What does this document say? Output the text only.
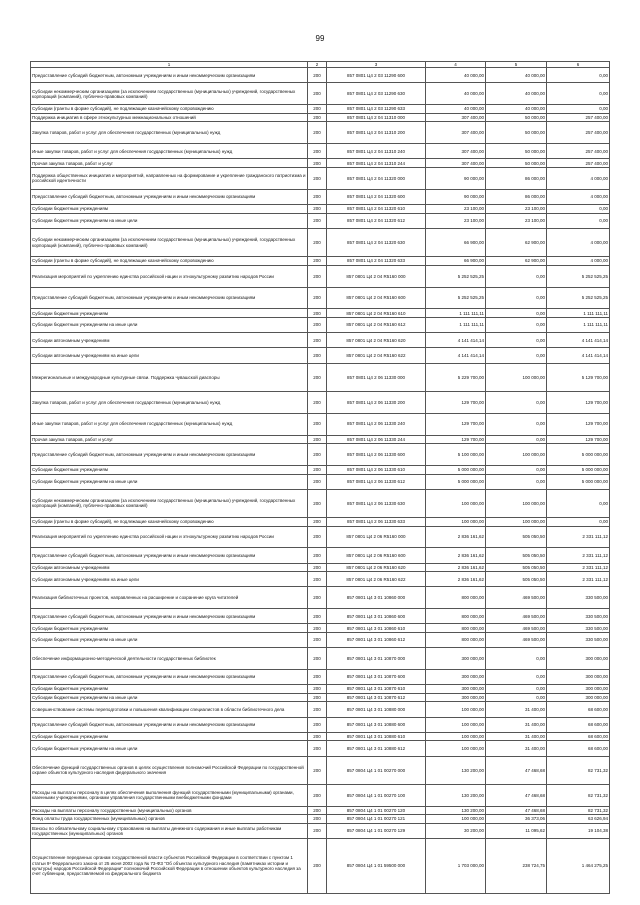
99
1	2	3	4	5	6
Предоставление субсидий бюджетным, автономным учреждениям и иным некоммерческим организациям	200	857 0801 Ц4 2 03 11290 600	40 000,00	40 000,00	0,00
Субсидии некоммерческим организациям (за исключением государственных (муниципальных) учреждений, государственных корпораций (компаний), публично-правовых компаний)	200	857 0801 Ц4 2 03 11290 630	40 000,00	40 000,00	0,00
Субсидии (гранты в форме субсидий), не подлежащие казначейскому сопровождению	200	857 0801 Ц4 2 03 11290 633	40 000,00	40 000,00	0,00
Поддержка инициатив в сфере этнокультурных межнациональных отношений	200	857 0801 Ц4 2 04 11310 000	307 400,00	50 000,00	257 400,00
Закупка товаров, работ и услуг для обеспечения государственных (муниципальных) нужд	200	857 0801 Ц4 2 04 11310 200	307 400,00	50 000,00	257 400,00
Иные закупки товаров, работ и услуг для обеспечения государственных (муниципальных) нужд	200	857 0801 Ц4 2 04 11310 240	307 400,00	50 000,00	257 400,00
Прочая закупка товаров, работ и услуг	200	857 0801 Ц4 2 04 11310 244	307 400,00	50 000,00	257 400,00
Поддержка общественных инициатив и мероприятий, направленных на формирование и укрепление гражданского патриотизма и российской идентичности	200	857 0801 Ц4 2 04 11320 000	90 000,00	86 000,00	4 000,00
Предоставление субсидий бюджетным, автономным учреждениям и иным некоммерческим организациям	200	857 0801 Ц4 2 04 11320 600	90 000,00	86 000,00	4 000,00
Субсидии бюджетным учреждениям	200	857 0801 Ц4 2 04 11320 610	23 100,00	23 100,00	0,00
Субсидии бюджетным учреждениям на иные цели	200	857 0801 Ц4 2 04 11320 612	23 100,00	23 100,00	0,00
Субсидии некоммерческим организациям (за исключением государственных (муниципальных) учреждений, государственных корпораций (компаний), публично-правовых компаний)	200	857 0801 Ц4 2 04 11320 630	66 900,00	62 900,00	4 000,00
Субсидии (гранты в форме субсидий), не подлежащие казначейскому сопровождению	200	857 0801 Ц4 2 04 11320 633	66 900,00	62 900,00	4 000,00
Реализация мероприятий по укреплению единства российской нации и этнокультурному развитию народов России	200	857 0801 Ц4 2 04 R5160 000	5 252 525,25	0,00	5 252 525,25
Предоставление субсидий бюджетным, автономным учреждениям и иным некоммерческим организациям	200	857 0801 Ц4 2 04 R5160 600	5 252 525,25	0,00	5 252 525,25
Субсидии бюджетным учреждениям	200	857 0801 Ц4 2 04 R5160 610	1 111 111,11	0,00	1 111 111,11
Субсидии бюджетным учреждениям на иные цели	200	857 0801 Ц4 2 04 R5160 612	1 111 111,11	0,00	1 111 111,11
Субсидии автономным учреждениям	200	857 0801 Ц4 2 04 R5160 620	4 141 414,14	0,00	4 141 414,14
Субсидии автономным учреждениям на иные цели	200	857 0801 Ц4 2 04 R5160 622	4 141 414,14	0,00	4 141 414,14
Межрегиональные и международные культурные связи. Поддержка чувашской диаспоры	200	857 0801 Ц4 2 06 11330 000	5 229 700,00	100 000,00	5 129 700,00
Закупка товаров, работ и услуг для обеспечения государственных (муниципальных) нужд	200	857 0801 Ц4 2 06 11330 200	129 700,00	0,00	129 700,00
Иные закупки товаров, работ и услуг для обеспечения государственных (муниципальных) нужд	200	857 0801 Ц4 2 06 11330 240	129 700,00	0,00	129 700,00
Прочая закупка товаров, работ и услуг	200	857 0801 Ц4 2 06 11330 244	129 700,00	0,00	129 700,00
Предоставление субсидий бюджетным, автономным учреждениям и иным некоммерческим организациям	200	857 0801 Ц4 2 06 11330 600	5 100 000,00	100 000,00	5 000 000,00
Субсидии бюджетным учреждениям	200	857 0801 Ц4 2 06 11330 610	5 000 000,00	0,00	5 000 000,00
Субсидии бюджетным учреждениям на иные цели	200	857 0801 Ц4 2 06 11330 612	5 000 000,00	0,00	5 000 000,00
Субсидии некоммерческим организациям (за исключением государственных (муниципальных) учреждений, государственных корпораций (компаний), публично-правовых компаний)	200	857 0801 Ц4 2 06 11330 630	100 000,00	100 000,00	0,00
Субсидии (гранты в форме субсидий), не подлежащие казначейскому сопровождению	200	857 0801 Ц4 2 06 11330 633	100 000,00	100 000,00	0,00
Реализация мероприятий по укреплению единства российской нации и этнокультурному развитию народов России	200	857 0801 Ц4 2 06 R5160 000	2 836 161,62	505 050,50	2 331 111,12
Предоставление субсидий бюджетным, автономным учреждениям и иным некоммерческим организациям	200	857 0801 Ц4 2 06 R5160 600	2 836 161,62	505 050,50	2 331 111,12
Субсидии автономным учреждениям	200	857 0801 Ц4 2 06 R5160 620	2 836 161,62	505 050,50	2 331 111,12
Субсидии автономным учреждениям на иные цели	200	857 0801 Ц4 2 06 R5160 622	2 836 161,62	505 050,50	2 331 111,12
Реализация библиотечных проектов, направленных на расширение и сохранение круга читателей	200	857 0801 Ц4 3 01 10860 000	800 000,00	469 500,00	330 500,00
Предоставление субсидий бюджетным, автономным учреждениям и иным некоммерческим организациям	200	857 0801 Ц4 3 01 10860 600	800 000,00	469 500,00	330 500,00
Субсидии бюджетным учреждениям	200	857 0801 Ц4 3 01 10860 610	800 000,00	469 500,00	330 500,00
Субсидии бюджетным учреждениям на иные цели	200	857 0801 Ц4 3 01 10860 612	800 000,00	469 500,00	330 500,00
Обеспечение информационно-методической деятельности государственных библиотек	200	857 0801 Ц4 3 01 10870 000	300 000,00	0,00	300 000,00
Предоставление субсидий бюджетным, автономным учреждениям и иным некоммерческим организациям	200	857 0801 Ц4 3 01 10870 600	300 000,00	0,00	300 000,00
Субсидии бюджетным учреждениям	200	857 0801 Ц4 3 01 10870 610	300 000,00	0,00	300 000,00
Субсидии бюджетным учреждениям на иные цели	200	857 0801 Ц4 3 01 10870 612	300 000,00	0,00	300 000,00
Совершенствование системы переподготовки и повышения квалификации специалистов в области библиотечного дела	200	857 0801 Ц4 3 01 10880 000	100 000,00	31 400,00	68 600,00
Предоставление субсидий бюджетным, автономным учреждениям и иным некоммерческим организациям	200	857 0801 Ц4 3 01 10880 600	100 000,00	31 400,00	68 600,00
Субсидии бюджетным учреждениям	200	857 0801 Ц4 3 01 10880 610	100 000,00	31 400,00	68 600,00
Субсидии бюджетным учреждениям на иные цели	200	857 0801 Ц4 3 01 10880 612	100 000,00	31 400,00	68 600,00
Обеспечение функций государственных органов в целях осуществления полномочий Российской Федерации по государственной охране объектов культурного наследия федерального значения	200	857 0804 Ц4 1 01 00270 000	130 200,00	47 468,68	82 731,32
Расходы на выплаты персоналу в целях обеспечения выполнения функций государственными (муниципальными) органами, казенными учреждениями, органами управления государственными внебюджетными фондами	200	857 0804 Ц4 1 01 00270 100	130 200,00	47 468,68	82 731,32
Расходы на выплаты персоналу государственных (муниципальных) органов	200	857 0804 Ц4 1 01 00270 120	130 200,00	47 468,68	82 731,32
Фонд оплаты труда государственных (муниципальных) органов	200	857 0804 Ц4 1 01 00270 121	100 000,00	36 373,06	63 626,94
Взносы по обязательному социальному страхованию на выплаты денежного содержания и иные выплаты работникам государственных (муниципальных) органов	200	857 0804 Ц4 1 01 00270 129	30 200,00	11 095,62	19 104,38
Осуществление переданных органам государственной власти субъектов Российской Федерации в соответствии с пунктом 1 статьи 9¹ Федерального закона от 25 июня 2002 года № 73-ФЗ "Об объектах культурного наследия (памятниках истории и культуры) народов Российской Федерации" полномочий Российской Федерации в отношении объектов культурного наследия за счет субвенции, предоставляемой из федерального бюджета	200	857 0804 Ц4 1 01 59500 000	1 703 000,00	238 724,75	1 464 275,25
